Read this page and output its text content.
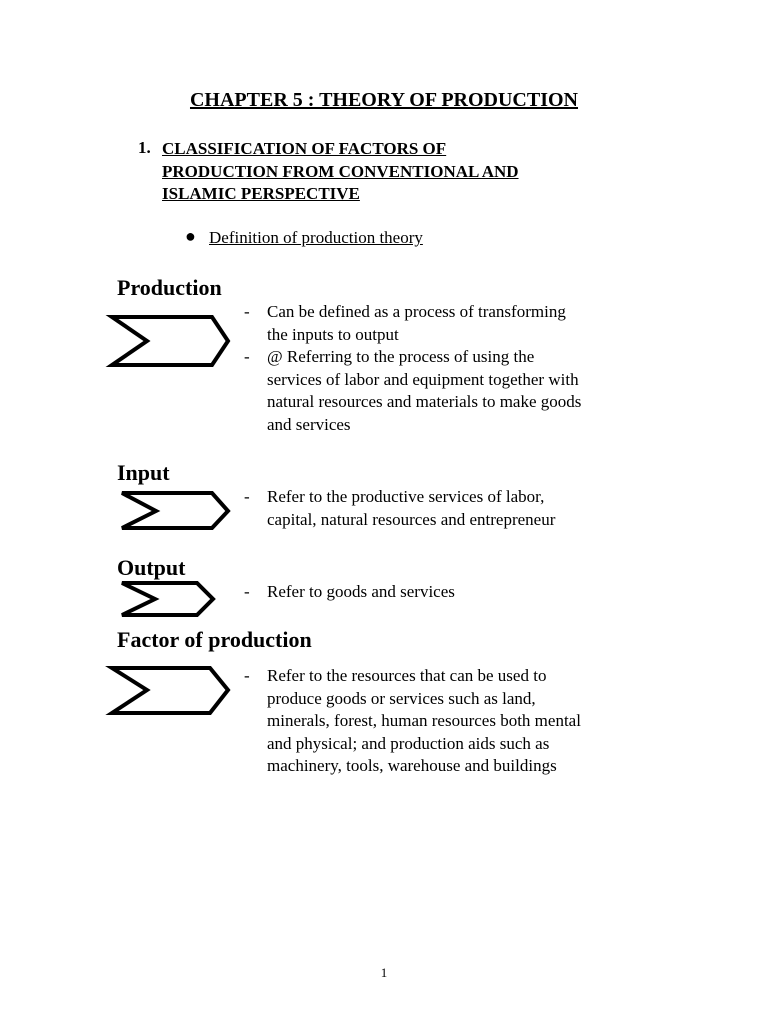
CHAPTER 5 : THEORY OF PRODUCTION
1. CLASSIFICATION OF FACTORS OF
PRODUCTION FROM CONVENTIONAL AND
ISLAMIC PERSPECTIVE
● Definition of production theory
Production
- Can be defined as a process of transforming
the inputs to output
- @ Referring to the process of using the
services of labor and equipment together with
natural resources and materials to make goods
and services
Input
- Refer to the productive services of labor,
capital, natural resources and entrepreneur
Output
- Refer to goods and services
Factor of production
- Refer to the resources that can be used to
produce goods or services such as land,
minerals, forest, human resources both mental
and physical; and production aids such as
machinery, tools, warehouse and buildings
1
